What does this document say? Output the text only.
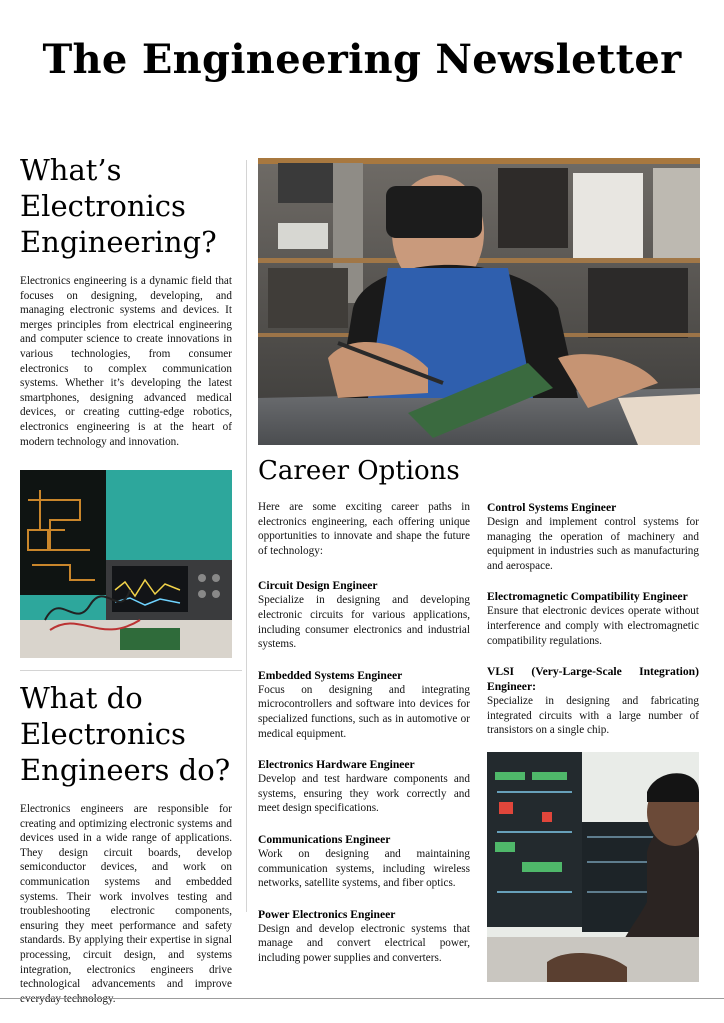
The Engineering Newsletter
What’s Electronics Engineering?
Electronics engineering is a dynamic field that focuses on designing, developing, and managing electronic systems and devices. It merges principles from electrical engineering and computer science to create innovations in various technologies, from consumer electronics to complex communication systems. Whether it’s developing the latest smartphones, designing advanced medical devices, or creating cutting-edge robotics, electronics engineering is at the heart of modern technology and innovation.
What do Electronics Engineers do?
Electronics engineers are responsible for creating and optimizing electronic systems and devices used in a wide range of applications. They design circuit boards, develop semiconductor devices, and work on communication systems and embedded systems. Their work involves testing and troubleshooting electronic components, ensuring they meet performance and safety standards. By applying their expertise in signal processing, circuit design, and systems integration, electronics engineers drive technological advancements and improve
Career Options
Here are some exciting career paths in electronics engineering, each offering unique opportunities to innovate and shape the future of technology:
Circuit Design Engineer
Specialize in designing and developing electronic circuits for various applications, including consumer electronics and industrial systems.
Embedded Systems Engineer
Focus on designing and integrating microcontrollers and software into devices for specialized functions, such as in automotive or medical equipment.
Electronics Hardware Engineer
Develop and test hardware components and systems, ensuring they work correctly and meet design specifications.
Communications Engineer
Work on designing and maintaining communication systems, including wireless networks, satellite systems, and fiber optics.
Power Electronics Engineer
Design and develop electronic systems that manage and convert electrical power, including power supplies and converters.
Control Systems Engineer
Design and implement control systems for managing the operation of machinery and equipment in industries such as manufacturing and aerospace.
Electromagnetic Compatibility Engineer
Ensure that electronic devices operate without interference and comply with electromagnetic compatibility regulations.
VLSI (Very-Large-Scale Integration) Engineer:
Specialize in designing and fabricating integrated circuits with a large number of transistors on a single chip.
